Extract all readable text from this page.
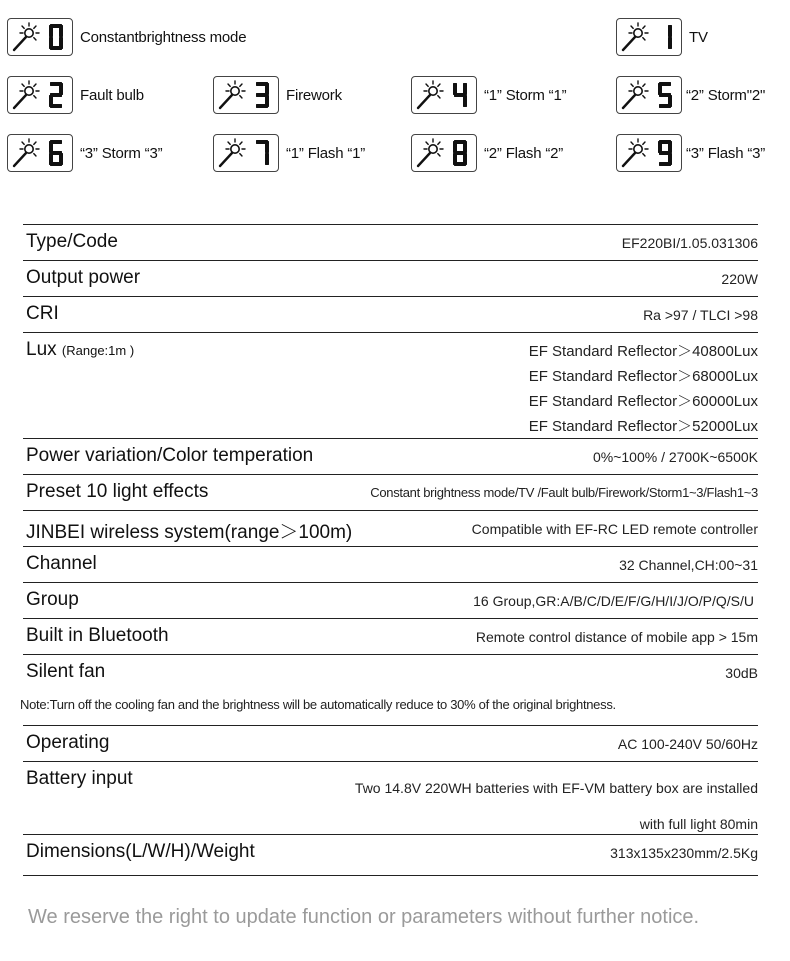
Constantbrightness mode	TV
Fault bulb	Firework	“1” Storm “1”	“2” Storm"2"
“3” Storm “3”	“1” Flash “1”	“2” Flash “2”	“3” Flash “3”
Type/Code	EF220BI/1.05.031306
Output power	220W
CRI	Ra >97 / TLCI >98
Lux (Range:1m )	EF Standard Reflector＞40800Lux
EF Standard Reflector＞68000Lux
EF Standard Reflector＞60000Lux
EF Standard Reflector＞52000Lux
Power variation/Color temperation	0%~100% / 2700K~6500K
Preset 10 light effects	Constant brightness mode/TV /Fault bulb/Firework/Storm1~3/Flash1~3
JINBEI wireless system(range＞100m)	Compatible with EF-RC LED remote controller
Channel	32 Channel,CH:00~31
Group	16 Group,GR:A/B/C/D/E/F/G/H/I/J/O/P/Q/S/U
Built in Bluetooth	Remote control distance of mobile app > 15m
Silent fan	30dB
Note:Turn off the cooling fan and the brightness will be automatically reduce to 30% of the original brightness.
Operating	AC 100-240V 50/60Hz
Battery input	Two 14.8V 220WH batteries with EF-VM battery box are installed
with full light 80min
Dimensions(L/W/H)/Weight	313x135x230mm/2.5Kg
We reserve the right to update function or parameters without further notice.
